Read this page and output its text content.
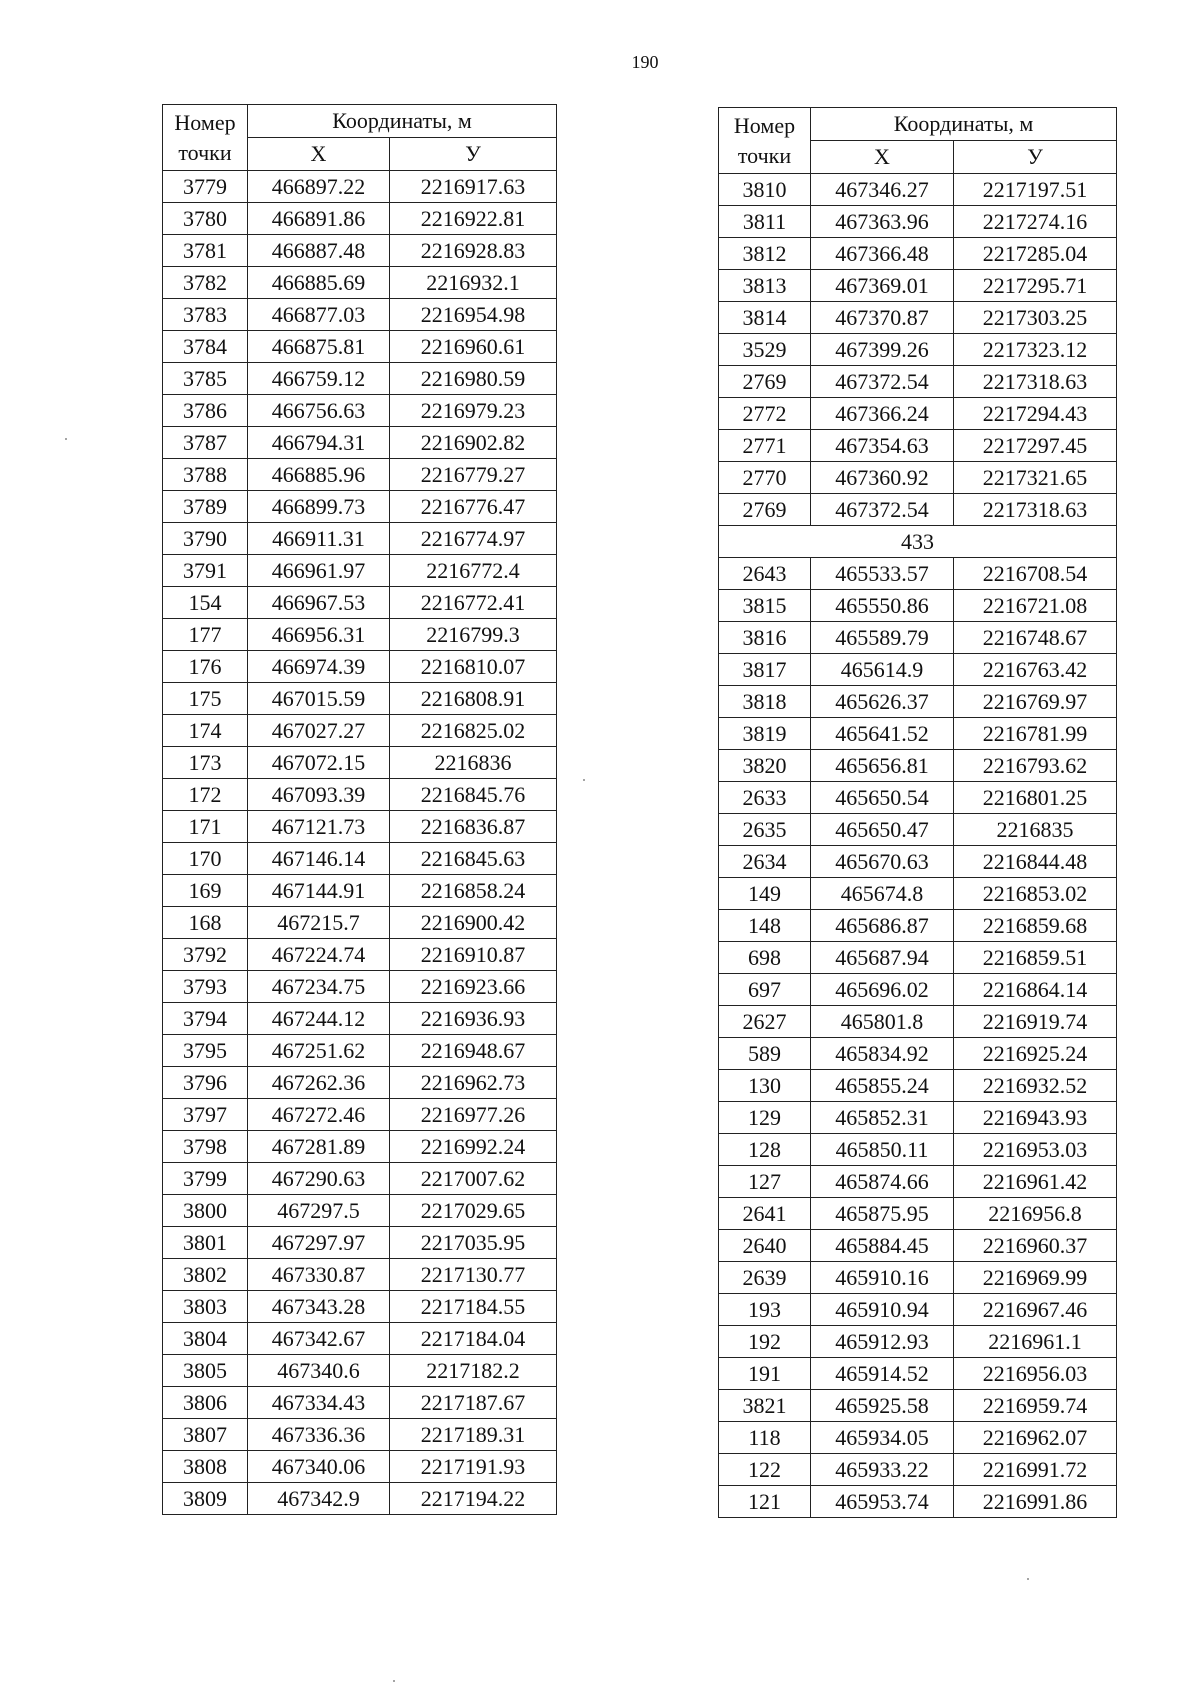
190
Номер
точки	Координаты, м	
	X	У
3779	466897.22	2216917.63
3780	466891.86	2216922.81
3781	466887.48	2216928.83
3782	466885.69	2216932.1
3783	466877.03	2216954.98
3784	466875.81	2216960.61
3785	466759.12	2216980.59
3786	466756.63	2216979.23
3787	466794.31	2216902.82
3788	466885.96	2216779.27
3789	466899.73	2216776.47
3790	466911.31	2216774.97
3791	466961.97	2216772.4
154	466967.53	2216772.41
177	466956.31	2216799.3
176	466974.39	2216810.07
175	467015.59	2216808.91
174	467027.27	2216825.02
173	467072.15	2216836
172	467093.39	2216845.76
171	467121.73	2216836.87
170	467146.14	2216845.63
169	467144.91	2216858.24
168	467215.7	2216900.42
3792	467224.74	2216910.87
3793	467234.75	2216923.66
3794	467244.12	2216936.93
3795	467251.62	2216948.67
3796	467262.36	2216962.73
3797	467272.46	2216977.26
3798	467281.89	2216992.24
3799	467290.63	2217007.62
3800	467297.5	2217029.65
3801	467297.97	2217035.95
3802	467330.87	2217130.77
3803	467343.28	2217184.55
3804	467342.67	2217184.04
3805	467340.6	2217182.2
3806	467334.43	2217187.67
3807	467336.36	2217189.31
3808	467340.06	2217191.93
3809	467342.9	2217194.22
Номер
точки	Координаты, м	
	X	У
3810	467346.27	2217197.51
3811	467363.96	2217274.16
3812	467366.48	2217285.04
3813	467369.01	2217295.71
3814	467370.87	2217303.25
3529	467399.26	2217323.12
2769	467372.54	2217318.63
2772	467366.24	2217294.43
2771	467354.63	2217297.45
2770	467360.92	2217321.65
2769	467372.54	2217318.63
433		
2643	465533.57	2216708.54
3815	465550.86	2216721.08
3816	465589.79	2216748.67
3817	465614.9	2216763.42
3818	465626.37	2216769.97
3819	465641.52	2216781.99
3820	465656.81	2216793.62
2633	465650.54	2216801.25
2635	465650.47	2216835
2634	465670.63	2216844.48
149	465674.8	2216853.02
148	465686.87	2216859.68
698	465687.94	2216859.51
697	465696.02	2216864.14
2627	465801.8	2216919.74
589	465834.92	2216925.24
130	465855.24	2216932.52
129	465852.31	2216943.93
128	465850.11	2216953.03
127	465874.66	2216961.42
2641	465875.95	2216956.8
2640	465884.45	2216960.37
2639	465910.16	2216969.99
193	465910.94	2216967.46
192	465912.93	2216961.1
191	465914.52	2216956.03
3821	465925.58	2216959.74
118	465934.05	2216962.07
122	465933.22	2216991.72
121	465953.74	2216991.86
